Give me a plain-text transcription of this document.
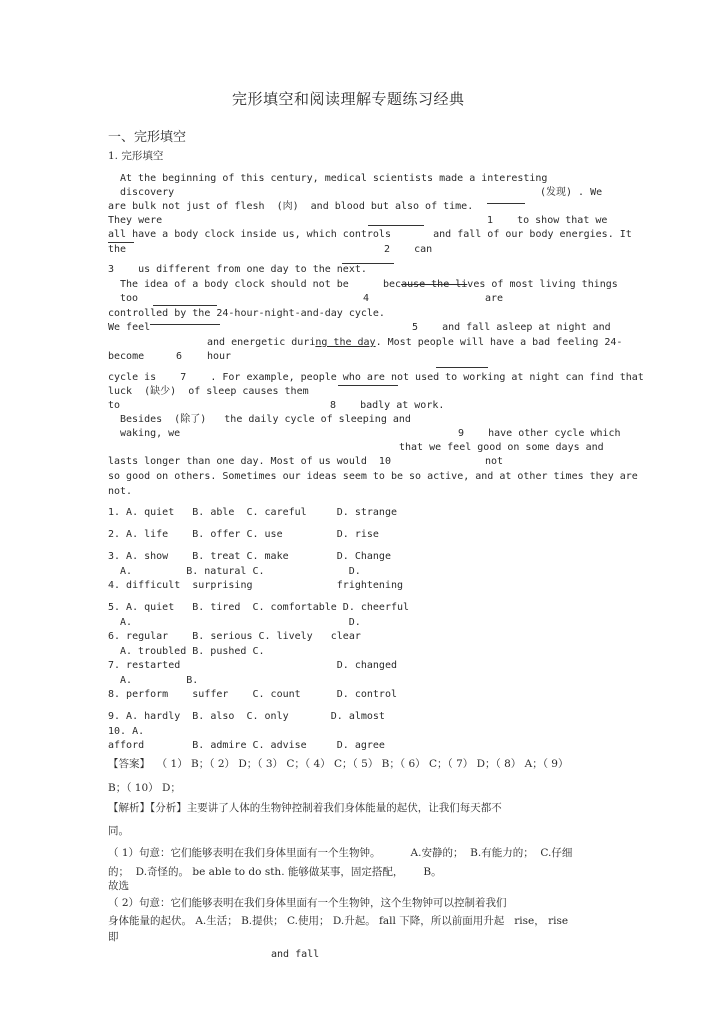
完形填空和阅读理解专题练习经典
一、完形填空
1. 完形填空
At the beginning of this century, medical scientists made a interesting
discovery	(发现) . We
are bulk not just of flesh  (肉)  and blood but also of time.
They were	1    to show that we
all have a body clock inside us, which controls       and fall of our body energies. It
the	2    can
3    us different from one day to the next.
The idea of a body clock should not be	because the lives of most living things
too	4	are
controlled by the 24-hour-night-and-day cycle.
We feel	5    and fall asleep at night and
and energetic during the day. Most people will have a bad feeling 24-
become	6 hour
cycle is    7    . For example, people who are not used to working at night can find that
luck  (缺少)  of sleep causes them
to	8    badly at work.
Besides  (除了)   the daily cycle of sleeping and
waking, we	9    have other cycle which
that we feel good on some days and
lasts longer than one day. Most of us would  10	not
so good on others. Sometimes our ideas seem to be so active, and at other times they are
not.
1. A. quiet   B. able  C. careful     D. strange
2. A. life    B. offer C. use         D. rise
3. A. show    B. treat C. make        D. Change
A.         B. natural C.              D.
4. difficult  surprising              frightening
5. A. quiet   B. tired  C. comfortable D. cheerful
A.                                    D.
6. regular    B. serious C. lively   clear
A. troubled B. pushed C.
7. restarted                          D. changed
A.         B.
8. perform    suffer    C. count      D. control
9. A. hardly  B. also  C. only       D. almost
10. A.
afford        B. admire C. advise     D. agree
【答案】  （ 1） B；（ 2） D；（ 3） C；（ 4） C；（ 5） B；（ 6） C；（ 7） D；（ 8） A；（ 9）
B；（ 10） D；
【解析】【分析】主要讲了人体的生物钟控制着我们身体能量的起伏，让我们每天都不
同。
（ 1）句意：它们能够表明在我们身体里面有一个生物钟。         A.安静的；  B.有能力的；  C.仔细
的；  D.奇怪的。 be able to do sth. 能够做某事，固定搭配，      B。
故选
（ 2）句意：它们能够表明在我们身体里面有一个生物钟，这个生物钟可以控制着我们
身体能量的起伏。 A.生活； B.提供； C.使用； D.升起。 fall 下降，所以前面用升起   rise， rise
即
and fall
